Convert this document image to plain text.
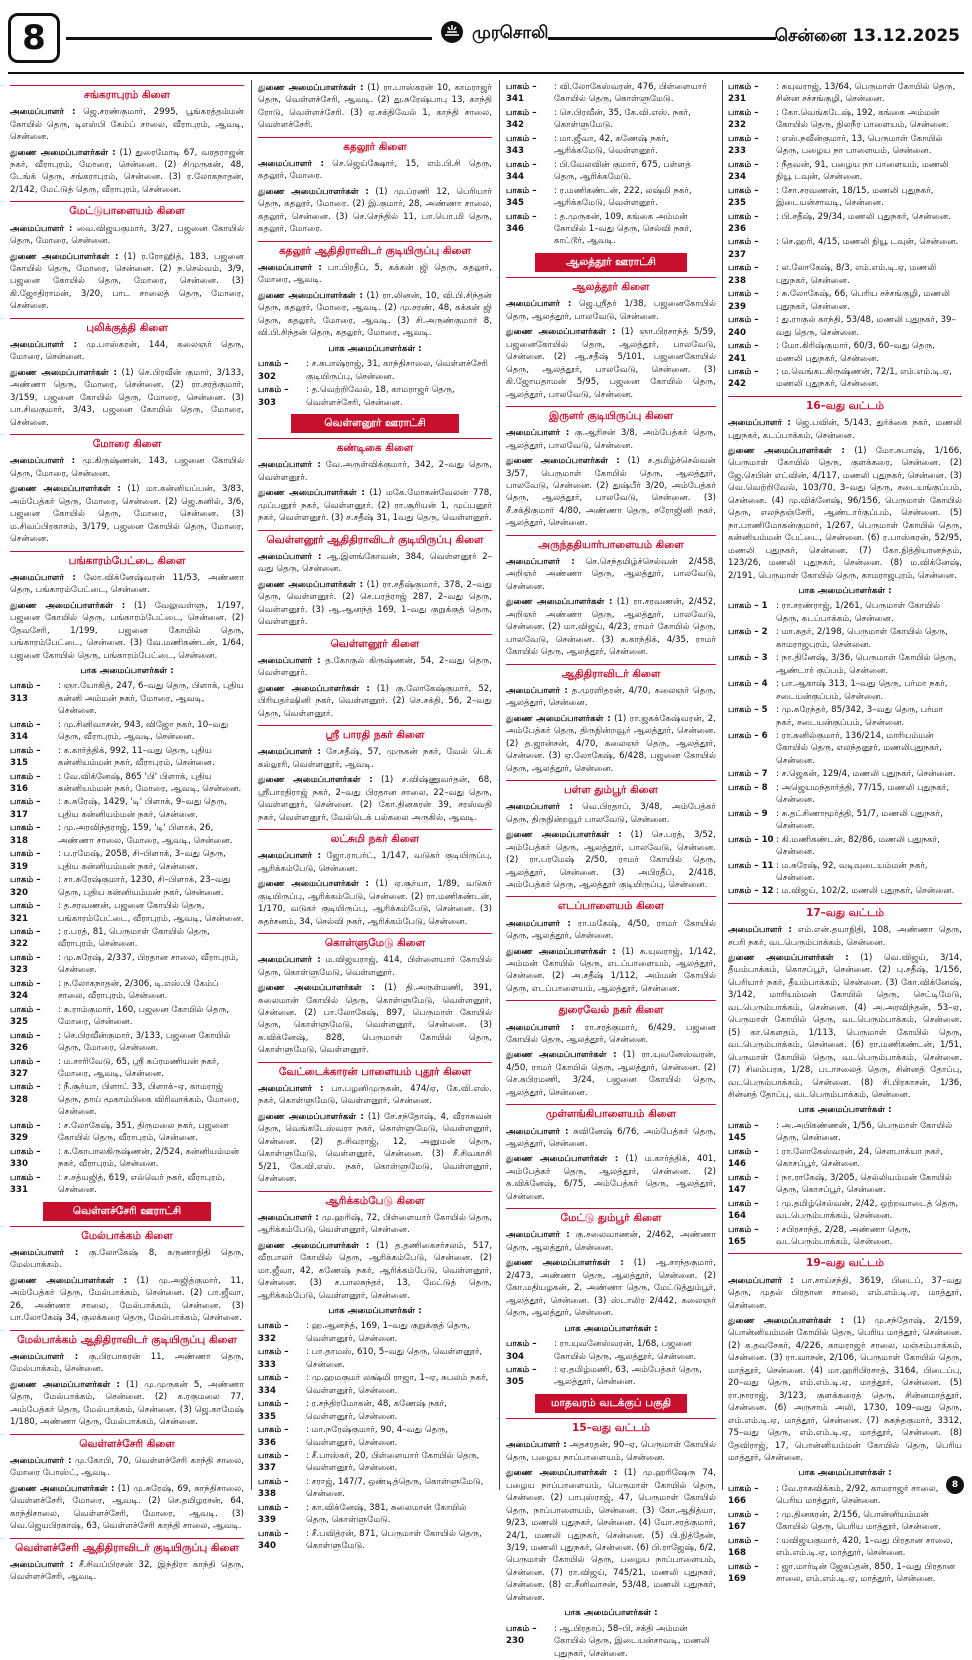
8	முரசொலி	சென்னை 13.12.2025
சங்கராபுரம் கிளை
அமைப்பாளர் : ஜெ.சரண்குமார், 2995, பூங்கரத்தம்மன் கோயில் தெரு, டிஎஸ்பி கேம்ப் சாலை, வீராபுரம், ஆவடி, சென்னை.
துணை அமைப்பாளர்கள் : (1) துரைமோடி 67, வரதராஜன் நகர், வீராபுரம், மோரை, சென்னை. (2) சிமுருகன், 48, டேங்க் தெரு, சங்கராபுரம், சென்னை. (3) ர.லோகநாதன், 2/142, மேட்டுத் தெரு, வீராபுரம், சென்னை.
மேட்டுபாளையம் கிளை
அமைப்பாளர் : வை.விஜயகுமார், 3/27, பஜனை கோயில் தெரு, மோரை, சென்னை.
துணை அமைப்பாளர்கள் : (1) ர.ரோஹித், 183, பஜனை கோயில் தெரு, மோரை, சென்னை. (2) ந.செல்வம், 3/9, பஜனை கோயில் தெரு, மோரை, சென்னை. (3) கி.ஜோதிராமன், 3/20, பாட சாலைத் தெரு, மோரை, சென்னை.
புலிக்குத்தி கிளை
அமைப்பாளர் : மு.பாஸ்கரன், 144, கலைஞர் தெரு, மோரை, சென்னை.
துணை அமைப்பாளர்கள் : (1) செ.பிரவீன் குமார், 3/133, அண்ணா தெரு, மோரை, சென்னை. (2) ரா.சரத்குமார், 3/159, பஜனை கோயில் தெரு, மோரை, சென்னை. (3) பா.சிவகுமார், 3/43, பஜனை கோயில் தெரு, மோரை, சென்னை.
மோரை கிளை
அமைப்பாளர் : மு.கிருஷ்ணன், 143, பஜனை கோயில் தெரு, மோரை, சென்னை.
துணை அமைப்பாளர்கள் : (1) மா.கன்னியப்பன், 3/83, அம்பேத்கர் தெரு, மோரை, சென்னை. (2) ஜெ.சுனில், 3/6, பஜனை கோயில் தெரு, மோரை, சென்னை. (3) ம.சிவப்பிரகாசம், 3/179, பஜனை கோயில் தெரு, மோரை, சென்னை.
பங்காரம்பேட்டை கிளை
அமைப்பாளர் : லோ.விக்னேஷ்வரன் 11/53, அண்ணா தெரு, பங்காரம்பேட்டை, சென்னை.
துணை அமைப்பாளர்கள் : (1) வேலுவள்ளு, 1/197, பஜனை கோயில் தெரு, பங்காரம்பேட்டை, சென்னை. (2) தேவசேரி, 1/199, பஜனை கோயில் தெரு, பங்காரம்பேட்டை, சென்னை. (3) வே.மணிகண்டன், 1/64, பஜனை கோயில் தெரு, பங்காரம்பேட்டை, சென்னை.
பாக அமைப்பாளர்கள் :
பாகம் – 313
: ஞா.யோகித், 247, 6–வது தெரு, பிளாக், புதிய கன்னி அம்மன் நகர், மோரை, ஆவடி, சென்னை.
பாகம் – 314
: மு.சினிவாசன், 943, விஜோ நகர், 10–வது தெரு, வீராபுரம், ஆவடி, சென்னை.
பாகம் – 315
: க.கார்த்திக், 992, 11–வது தெரு, புதிய கன்னியம்மன் நகர், வீராபுரம், சென்னை.
பாகம் – 316
: வே.விக்னேஷ், 865 'பி' பிளாக், புதிய கன்னியம்மன் நகர், மோரை, ஆவடி, சென்னை.
பாகம் – 317
: சு.சுரேஷ், 1429, 'டி' பிளாக், 9–வது தெரு, புதிய கன்னியம்மன் நகர், சென்னை.
பாகம் – 318
: மு.அரவிந்தராஜ், 159, 'டி' பிளாக், 26, அண்ணா சாலை, மோரை, ஆவடி, சென்னை.
பாகம் – 319
: ப.ரமேஷ், 2058, சி–பிளாக், 3–வது தெரு, புதிய கன்னியம்மன் நகர், சென்னை.
பாகம் – 320
: சா.சுரேஷ்குமார், 1230, சி–பிளாக், 23–வது தெரு, புதிய கன்னியம்மன் நகர், சென்னை.
பாகம் – 321
: த.சரவணன், பஜனை கோயில் தெரு, பங்காரம்பேட்டை, வீராபுரம், ஆவடி, சென்னை.
பாகம் – 322
: ர.பரத், 81, பெருமாள் கோயில் தெரு, வீராபுரம், சென்னை.
பாகம் – 323
: மு.சுரேஷ், 2/337, பிரதான சாலை, வீராபுரம், சென்னை.
பாகம் – 324
: ந.லோகநாதன், 2/306, டி.எஸ்.பி கேம்ப் சாலை, வீராபுரம், சென்னை.
பாகம் – 325
: சு.ராம்குமார், 160, பஜனை கோயில் தெரு, மோரை, சென்னை.
பாகம் – 326
: செ.பிரவீன்குமார், 3/133, பஜனை கோயில் தெரு, மோரை, சென்னை.
பாகம் – 327
: ம.சாரிவேடு, 65, ஸ்ரீ சுப்ரமணியன் நகர், மோரை, ஆவடி, சென்னை.
பாகம் – 328
: நீ.சூர்யா, பிளாட் 33, பிளாக்–ஏ, காமராஜ் தெரு, தாய் மூகாம்பிகை விரிவாக்கம், மோரை, சென்னை.
பாகம் – 329
: ச.லோகேஷ், 351, திருமலை நகர், பஜனை கோயில் தெரு, வீராபுரம், சென்னை.
பாகம் – 330
: க.கோபாலகிருஷ்ணன், 2/524, கன்னியம்மன் நகர், வீராபுரம், சென்னை.
பாகம் – 331
: ச.சத்யஜித், 619, எல்வெர் நகர், வீராபுரம், சென்னை.
வெள்ளச்சேரி ஊராட்சி
மேல்பாக்கம் கிளை
அமைப்பாளர் : கு.லோகேஷ் 8, கருணாநிதி தெரு, மேல்பாக்கம்.
துணை அமைப்பாளர்கள் : (1) மு.அஜித்குமார், 11, அம்பேத்கர் தெரு, மேல்பாக்கம், சென்னை. (2) பா.ஜீவா, 26, அண்ணா சாலை, மேல்பாக்கம், சென்னை. (3) பா.லோகேஷ் 34, குலக்கரை தெரு, மேல்பாக்கம், சென்னை.
மேல்பாக்கம் ஆதிதிராவிடர் குடியிருப்பு கிளை
அமைப்பாளர் : கு.பிரபாகரன் 11, அண்ணா தெரு, மேல்பாக்கம், சென்னை.
துணை அமைப்பாளர்கள் : (1) மு.முருகன் 5, அண்ணா தெரு, மேல்பாக்கம், சென்னை. (2) க.ரகுமலை 77, அம்பேத்கர் தெரு, மேல்பாக்கம், சென்னை. (3) ஜெ.காமேஷ் 1/180, அண்ணா தெரு, மேல்பாக்கம், சென்னை.
வெள்ளச்சேரி கிளை
அமைப்பாளர் : மு.கோபி, 70, வெள்ளச்சேரி காந்தி சாலை, மோரை போஸ்ட், ஆவடி.
துணை அமைப்பாளர்கள் : (1) மு.சுரேஷ், 69, காந்திசாலை, வெள்ளச்சேரி, மோரை, ஆவடி. (2) செ.தமிழரசன், 64, காந்திசாலை, வெள்ளச்சேரி, மோரை, ஆவடி. (3) வெ.ஜெயபிரகாஷ், 63, வெள்ளச்சேரி காந்தி சாலை, ஆவடி.
வெள்ளச்சேரி ஆதிதிராவிடர் குடியிருப்பு கிளை
அமைப்பாளர் : சீ.சிவப்பிரசன் 32, இந்திரா காந்தி தெரு, வெள்ளச்சேரி, ஆவடி.
துணை அமைப்பாளர்கள் : (1) ரா.பாஸ்கரன் 10, காமராஜர் தெரு, வெள்ளச்சேரி, ஆவடி. (2) து.சுரேஷ்பாபு 13, காந்தி ரோடு, வெள்ளச்சேரி. (3) ஏ.சக்திவேல் 1, காந்தி சாலை, வெள்ளச்சேரி.
கதலூர் கிளை
அமைப்பாளர் : செ.ஜெய்க்ஷோர், 15, எம்.பி.சி தெரு, கதலூர், மோரை.
துணை அமைப்பாளர்கள் : (1) மு.ப்ரணி 12, பெரியார் தெரு, கதலூர், மோரை. (2) இ.குமார், 28, அண்ணா சாலை, கதலூர், சென்னை. (3) செ.செந்தில் 11, பா.பொ.மி தெரு, கதலூர், மோரை.
கதலூர் ஆதிதிராவிடர் குடியிருப்பு கிளை
அமைப்பாளர் : பா.பிரதீப், 5, கக்கன் ஜி தெரு, கதலூர், மோரை, ஆவடி.
துணை அமைப்பாளர்கள் : (1) ரா.லினன், 10, வி.பி.சிந்தன் தெரு, கதலூர், மோரை, ஆவடி. (2) மு.சரண், 48, கக்கன் ஜி தெரு, கதலூர், மோரை, ஆவடி. (3) சி.அருண்குமார் 8, வி.பி.சிந்தன் தெரு, கதலூர், மோரை, ஆவடி.
பாக அமைப்பாளர்கள் :
பாகம் – 302
: ச.சுபாஷ்ராஜ், 31, காந்திசாலை, வெள்ளச்சேரி குடியிருப்பு, சென்னை.
பாகம் – 303
: த.வெற்றிவேல், 18, காமராஜர் தெரு, வெள்ளச்சேரி, சென்னை.
வெள்ளனூர் ஊராட்சி
கண்டிகை கிளை
அமைப்பாளர் : வே.அருள்விக்குமார், 342, 2–வது தெரு, வெள்ளனூர்.
துணை அமைப்பாளர்கள் : (1) மகே.மோகன்வேலன் 778, முப்பனூர் நகர், வெள்ளனூர். (2) ரா.சூரியன் 1, முப்பனூர் நகர், வெள்ளனூர். (3) ச.சதீஷ் 31, 1வது தெரு, வெள்ளனூர்.
வெள்ளனூர் ஆதிதிராவிடர் குடியிருப்பு கிளை
அமைப்பாளர் : ஆ.இளங்கோவன், 384, வெள்ளனூர் 2–வது தெரு, சென்னை.
துணை அமைப்பாளர்கள் : (1) ரா.சதீஷ்குமார், 378, 2–வது தெரு, வெள்ளனூர். (2) செ.பரத்ராஜ் 287, 2–வது தெரு, வெள்ளனூர். (3) ஆ.ஆனந்த் 169, 1–வது குறுக்குத் தெரு, வெள்ளனூர்.
வெள்ளனூர் கிளை
அமைப்பாளர் : த.கோகுல் கிருஷ்ணன், 54, 2–வது தெரு, வெள்ளனூர்.
துணை அமைப்பாளர்கள் : (1) கு.லோகேஷ்குமார், 52, பிரியதர்ஷினி நகர், வெள்ளனூர். (2) செ.சக்தி, 56, 2–வது தெரு, வெள்ளனூர்.
ஸ்ரீ பாரதி நகர் கிளை
அமைப்பாளர் : சே.சதீஷ், 57, முருகன் நகர், வேல் டெக் கல்லூரி, வெள்ளனூர், ஆவடி.
துணை அமைப்பாளர்கள் : (1) ச.விஷ்ணுவர்தன், 68, ஸ்ரீபாரதிராஜ் நகர், 2–வது பிரதான சாலை, 22–வது தெரு, வெள்ளனூர், சென்னை. (2) கோ.தினகரன் 39, சரஸ்வதி நகர், வெள்ளனூர், வேல்டெக் பல்கலை அருகில், ஆவடி.
லட்சுமி நகர் கிளை
அமைப்பாளர் : ஜோ.ராபர்ட், 1/147, வடுகர் குடியிருப்பு, ஆரிக்கம்பேடு, சென்னை.
துணை அமைப்பாளர்கள் : (1) ஏ.சூர்யா, 1/89, வடுகர் குடியிருப்பு, ஆரிக்கம்பேடு, சென்னை. (2) ரா.மணிகண்டன், 1/170, வடுகர் குடியிருப்பு, ஆரிக்கம்பேடு, சென்னை. (3) சுதர்சனம், 34, செல்வி நகர், ஆரிக்கம்பேடு, சென்னை.
கொள்ளுமேடு கிளை
அமைப்பாளர் : ம.விஜயராஜ், 414, பிள்ளையார் கோயில் தெரு, கொள்ளுமேடு, வெள்ளனூர்.
துணை அமைப்பாளர்கள் : (1) தி.அருள்மணி, 391, சுலைமான் கோயில் தெரு, கொள்ளுமேடு, வெள்ளனூர், சென்னை. (2) பா.லோகேஷ், 897, பெருமாள் கோயில் தெரு, கொள்ளுமேடு, வெள்ளனூர், சென்னை. (3) சு.விக்னேஷ், 828, பெருமாள் கோயில் தெரு, கொள்ளுமேடு, வெள்ளனூர்.
வேட்டைக்காரன் பாளையம் புதூர் கிளை
அமைப்பாளர் : பா.பழனிமுருகன், 474/ஏ, கே.வி.எஸ். நகர், கொள்ளுமேடு, வெள்ளனூர், சென்னை.
துணை அமைப்பாளர்கள் : (1) சே.சந்தோஷ், 4, வீராசுவன் தெரு, வெங்கடேஸ்வரா நகர், கொள்ளுமேடு, வெள்ளனூர், சென்னை. (2) த.சிவராஜ், 12, அனுமன் தெரு, கொள்ளுமேடு, வெள்ளனூர், சென்னை. (3) சீ.சிவகாசி 5/21, கே.வி.எஸ். நகர், கொள்ளுமேடு, வெள்ளனூர், சென்னை.
ஆரிக்கம்பேடு கிளை
அமைப்பாளர் : மு.ஹரிஷ், 72, பிள்ளையார் கோயில் தெரு, ஆரிக்கம்பேடு, வெள்ளனூர், சென்னை.
துணை அமைப்பாளர்கள் : (1) த.தணிகைசர்சலம், 517, வீரபாலர் கோயில் தெரு, ஆரிக்கம்பேடு, சென்னை. (2) மா.ஜீவா, 42, கணேஷ் நகர், ஆரிக்கம்பேடு, வெள்ளனூர், சென்னை. (3) ச.பாலசுந்தர், 13, மேட்டுத் தெரு, ஆரிக்கம்பேடு, வெள்ளனூர், சென்னை.
பாக அமைப்பாளர்கள் :
பாகம் – 332
: ஹ.ஆனந்த், 169, 1–வது குறுக்குத் தெரு, வெள்ளனூர், சென்னை.
பாகம் – 333
: பா.தாமஸ், 610, 5–வது தெரு, வெள்ளனூர், சென்னை.
பாகம் – 334
: மு.ஹமகுமர் லக்ஷ்மி ராஜா, 1–ஏ, சுபலம் நகர், வெள்ளனூர், சென்னை.
பாகம் – 335
: ர.சந்திரமோகன், 48, கணேஷ் நகர், வெள்ளனூர், சென்னை.
பாகம் – 336
: மா.நரேஷ்குமார், 90, 4–வது தெரு, வெள்ளனூர், சென்னை.
பாகம் – 337
: சீ.பாஸ்கர், 20, பிள்ளையார் கோயில் தெரு, வெள்ளனூர், சென்னை.
பாகம் – 338
: சராஜ், 147/7, ஒண்டித்தெரு, கொள்ளுமேடு, சென்னை.
பாகம் – 339
: கா.விக்னேஷ், 381, சுலைமான் கோயில் தெரு, கொள்ளுமேடு.
பாகம் – 340
: சீ.பவித்ரன், 871, பெருமாள் கோயில் தெரு, கொள்ளுமேடு.
பாகம் – 341
: வி.லோகேஸ்வரன், 476, பிள்ளையார் கோயில் தெரு, கொள்ளுமேடு.
பாகம் – 342
: செ.பிரவீன், 35, கே.வி.எஸ். நகர், கொள்ளுமேடு.
பாகம் – 343
: மா.ஜீவா, 42, கணேஷ் நகர், ஆரிக்கமேடு, வெள்ளனூர்.
பாகம் – 344
: பி.வேலவின் குமார், 675, பள்ளத் தெரு, ஆரிக்கமேடு.
பாகம் – 345
: ர.மணிகண்டன், 222, லஷ்மி நகர், ஆரிக்கமேடு, வெள்ளனூர்.
பாகம் – 346
: த.முருகன், 109, கங்கை அம்மன் கோயில் 1–வது தெரு, செல்வி நகர், காட்டூர், ஆவடி.
ஆலத்தூர் ஊராட்சி
ஆலத்தூர் கிளை
அமைப்பாளர் : ஜெ.ஸ்ரீதர் 1/38, பஜனைகோயில் தெரு, ஆலத்தூர், பாலவேடு, சென்னை.
துணை அமைப்பாளர்கள் : (1) ஞா.பிரசாந்த் 5/59, பஜனைகோயில் தெரு, ஆலத்தூர், பாலவேடு, சென்னை. (2) ஆ.சதீஷ் 5/101, பஜனைகோயில் தெரு, ஆலத்தூர், பாலவேடு, சென்னை. (3) கி.ஜோயதாமன் 5/95, பஜனை கோயில் தெரு, ஆலத்தூர், பாலவேடு, சென்னை.
இருளர் குடியிருப்பு கிளை
அமைப்பாளர் : கு.ஆரிசன் 3/8, அம்பேத்கர் தெரு, ஆலத்தூர், பாலவேடு, சென்னை.
துணை அமைப்பாளர்கள் : (1) ச.தமிழ்ச்செல்வன் 3/57, பெருமாள் கோயில் தெரு, ஆலத்தூர், பாலவேடு, சென்னை. (2) துஷ்பீர் 3/20, அம்பேத்கர் தெரு, ஆலத்தூர், பாலவேடு, சென்னை. (3) சீ.சக்திகுமார் 4/80, அண்ணா தெரு, சரோஜினி நகர், ஆலத்தூர், சென்னை.
அருந்ததியார்பாளையம் கிளை
அமைப்பாளர் : செ.செந்தமிழ்ச்செல்வன் 2/458, அறிஞர் அண்ணா தெரு, ஆலத்தூர், பாலவேடு, சென்னை.
துணை அமைப்பாளர்கள் : (1) ரா.சரவணன், 2/452, அறிஞர் அண்ணா தெரு, ஆலத்தூர், பாலவேடு, சென்னை. (2) மா.விஜய், 4/23, ராமர் கோயில் தெரு, பாலவேடு, சென்னை. (3) சு.காந்திக், 4/35, ராமர் கோயில் தெரு, ஆலத்தூர், சென்னை.
ஆதிதிராவிடர் கிளை
அமைப்பாளர் : த.முரளிதரன், 4/70, கலைஞர் தெரு, ஆலத்தூர், சென்னை.
துணை அமைப்பாளர்கள் : (1) ரா.ஜகக்கேஷ்வரன், 2, அம்பேத்கர் தெரு, திருநின்றவூர் ஆலத்தூர், சென்னை. (2) த.ஜான்சன், 4/70, கலைஞர் தெரு, ஆலத்தூர், சென்னை. (3) ஏ.லோகேஷ், 6/428, பஜனை கோயில் தெரு, ஆலத்தூர், சென்னை.
பள்ள தும்பூர் கிளை
அமைப்பாளர் : வெ.பிரதாப், 3/48, அம்பேத்கர் தெரு, திருநின்றவூர் பாலவேடு, சென்னை.
துணை அமைப்பாளர்கள் : (1) செ.பரத், 3/52, அம்பேத்கர் தெரு, ஆலத்தூர், பாலவேடு, சென்னை. (2) ரா.பரமேஷ் 2/50, ராமர் கோயில் தெரு, ஆலத்தூர், சென்னை. (3) அபிரதீப், 2/418, அம்பேத்கர் தெரு, ஆலத்தூர் குடியிருப்பு, சென்னை.
எடப்பாளையம் கிளை
அமைப்பாளர் : ரா.மகேஷ், 4/50, ராமர் கோயில் தெரு, ஆலத்தூர், சென்னை.
துணை அமைப்பாளர்கள் : (1) சு.யுவராஜ், 1/142, அம்மன் கோயில் தெரு, எடப்பாளையம், ஆலத்தூர், சென்னை. (2) அ.சதீஷ் 1/112, அம்மன் கோயில் தெரு, எடப்பாளையம், ஆலத்தூர், சென்னை.
துரைவேல் நகர் கிளை
அமைப்பாளர் : ரா.சரத்குமார், 6/429, பஜனை கோயில் தெரு, ஆலத்தூர், சென்னை.
துணை அமைப்பாளர்கள் : (1) ரா.யுவனேஸ்வரன், 4/50, ராமர் கோயில் தெரு, ஆலத்தூர், சென்னை. (2) செ.சுபிரமணி, 3/24, பஜனை கோயில் தெரு, ஆலத்தூர், சென்னை.
முள்ளங்கிபாளையம் கிளை
அமைப்பாளர் : சுவினேஷ் 6/76, அம்பேத்கர் தெரு, ஆலத்தூர், சென்னை.
துணை அமைப்பாளர்கள் : (1) ம.கார்த்திக், 401, அம்பேத்கர் தெரு, ஆலத்தூர், சென்னை. (2) சு.விக்னேஷ், 6/75, அம்பேத்கர் தெரு, ஆலத்தூர், சென்னை.
மேட்டு தும்பூர் கிளை
அமைப்பாளர் : கு.சலைவாணன், 2/462, அண்ணா தெரு, ஆலத்தூர், சென்னை.
துணை அமைப்பாளர்கள் : (1) ஆ.சாந்தகுமார், 2/473, அண்ணா தெரு, ஆலத்தூர், சென்னை. (2) கோ.மதியழகன், 2, அண்ணா தெரு, மேட்டுத்தும்பூர், ஆலத்தூர், சென்னை. (3) ஸ்டாலிர 2/442, கலைஞர் தெரு, ஆலத்தூர், சென்னை.
பாக அமைப்பாளர்கள் :
பாகம் – 304
: ரா.யுவனேஸ்வரன், 1/68, பஜனை கோயில் தெரு, ஆலத்தூர், சென்னை.
பாகம் – 305
: ஏ.தமிழ்மணி, 63, அம்பேத்கர் தெரு, ஆலத்தூர், சென்னை.
மாதவரம் வடக்குப் பகுதி
15–வது வட்டம்
அமைப்பாளர் : அதசரதன், 90–ஏ, பெருமாள் கோயில் தெரு, பழைய நாப்பாளையம், சென்னை.
துணை அமைப்பாளர்கள் : (1) மு.ஹரிஷேரு 74, பழைய நாப்பாளையம், பெருமாள் கோயில் தெரு, சென்னை. (2) பாபுஸ்ராஜ், 47, பெருமாள் கோயில் தெரு, நாப்பாளையம், சென்னை. (3) கோ.ஆதித்யா, 9/23, மணலி புதுநகர், சென்னை. (4) யோ.சரத்குமார், 24/1, மணலி புதுநகர், சென்னை. (5) பி.நித்தேன், 3/19, மணலி புதுநகர், சென்னை. (6) பி.ராஜேஷ், 6/2, பெருமாள் கோயில் தெரு, பழைய நாப்பாளையம், சென்னை. (7) ரா.விஜய், 745/21, மணலி புதுநகர், சென்னை. (8) எ.சீனிவாசன், 53/48, மணலி புதுநகர், சென்னை.
பாக அமைப்பாளர்கள் :
பாகம் – 230
: ஆ.பிரதாப், 58–பி, சக்தி அம்மன் கோயில் தெரு, இடையன்சாவடி, மணலி புதுநகர், சென்னை.
பாகம் – 231
: சுயுவராஜ், 13/64, பெருமாள் கோயில் தெரு, சின்ன சச்சங்குழி, சென்னை.
பாகம் – 232
: கோ.வெங்கடேஷ், 192, கங்கை அம்மன் கோயில் தெரு, நிலநீர பாளையம், சென்னை.
பாகம் – 233
: எஸ்.நவீன்குமார், 13, பெருமாள் கோயில் தெரு, பழைய நா பாளையம், சென்னை.
பாகம் – 234
: நீதவன், 91, பழைய நா பாளையம், மணலி நியூ டவுன், சென்னை.
பாகம் – 235
: சோ.சரவணன், 18/15, மணலி புதுநகர், இடையன்சாவடி, சென்னை.
பாகம் – 236
: பி.சதீஷ், 29/34, மணலி புதுநகர், சென்னை.
பாகம் – 237
: செ.ஹரி, 4/15, மணலி நியூ டவுன், சென்னை.
பாகம் – 238
: ல.லோகேஷ், 8/3, எம்.எம்.டி.ஏ, மணலி புதுநகர், சென்னை.
பாகம் – 239
: சு.லோகேஷ், 66, பெரிய சச்சங்குழி, மணலி புதுநகர், சென்னை.
பாகம் – 240
: து.ராகுல் காந்தி, 53/48, மணலி புதுநகர், 39–வது தெரு, சென்னை.
பாகம் – 241
: மோ.கிரிஷ்குமார், 60/3, 60–வது தெரு, மணலி புதுநகர், சென்னை.
பாகம் – 242
: ம.வெங்கடகிருஷ்ணன், 72/1, எம்.எம்.டி.ஏ, மணலி புதுநகர், சென்னை.
16–வது வட்டம்
அமைப்பாளர் : ஜெ.பவின், 5/143, துர்க்கை நகர், மணலி புதுநகர், கடப்பாக்கம், சென்னை.
துணை அமைப்பாளர்கள் : (1) மோ.சுபாஷ், 1/166, பெருமாள் கோயில் தெரு, குளக்கரை, சென்னை. (2) ஜே.செபின் எட்வின், 4/117, மணலி புதுநகர், சென்னை. (3) வெ.வெற்றிவேல், 103/70, 3–வது தெரு, சடையங்குப்பம், சென்னை. (4) மு.விக்னேஷ், 96/156, பெருமாள் கோயில் தெரு, எலந்தஞ்சேரி, ஆண்டார்குப்பம், சென்னை. (5) நா.பாணிமோகன்குமார், 1/267, பெருமாள் கோயில் தெரு, கன்னியம்மன் பேட்டை, சென்னை. (6) ர.பாஸ்கரன், 52/95, மணலி புதுநகர், சென்னை. (7) கோ.நித்தியானந்தம், 123/26, மணலி புதுநகர், சென்னை. (8) ம.விக்னேஷ், 2/191, பெருமாள் கோயில் தெரு, காமராஜபுரம், சென்னை.
பாக அமைப்பாளர்கள் :
பாகம் – 1 : ரா.சரண்ராஜ், 1/261, பெருமாள் கோயில் தெரு, கடப்பாக்கம், சென்னை.
பாகம் – 2 : மா.சுதர், 2/198, பெருமாள் கோயில் தெரு, காமராஜபுரம், சென்னை.
பாகம் – 3 : நா.தினேஷ், 3/36, பெருமாள் கோயில் தெரு, ஆண்டார் குப்பம், சென்னை.
பாகம் – 4 : பா.ஆகாஷ் 313, 1–வது தெரு, பர்மா நகர், சடையன்குப்பம், சென்னை.
பாகம் – 5 : மு.சுரேந்தர், 85/342, 3–வது தெரு, பர்மா நகர், சடையன்குப்பம், சென்னை.
பாகம் – 6 : ரா.சுனில்குமார், 136/214, மாரியம்மன் கோயில் தெரு, எலந்தனூர், மணலிபுதுநகர், சென்னை.
பாகம் – 7 : ச.ஜெகன், 129/4, மணலி புதுநகர், சென்னை.
பாகம் – 8 : அஜெயமந்தார்த்தி, 77/15, மணலி புதுநகர், சென்னை.
பாகம் – 9 : சு.தட்சிணாமூர்த்தி, 51/7, மணலி புதுநகர், சென்னை.
பாகம் – 10 : கி.மணிகண்டன், 82/86, மணலி புதுநகர், சென்னை.
பாகம் – 11 : ம.சுரேஷ், 92, வடிவுடையம்மன் நகர், சென்னை.
பாகம் – 12 : ம.விஜய், 102/2, மணலி புதுநகர், சென்னை.
17–வது வட்டம்
அமைப்பாளர் : எம்.என்.தயாநிதி, 108, அண்ணா தெரு, சபரி நகர், வடபெரும்பாக்கம், சென்னை.
துணை அமைப்பாளர்கள் : (1) வெ.விஜய், 3/14, தீயம்பாக்கம், கொசப்பூர், சென்னை. (2) பு.சதீஷ், 1/156, பெரியார் நகர், தீயம்பாக்கம், சென்னை. (3) கோ.விக்னேஷ், 3/142, மாரியம்மன் கோயில் தெரு, செட்டிமேடு, வடபெரும்பாக்கம், சென்னை. (4) அ.அரவிந்தன், 53–ஏ, பெருமாள் கோயில் தெரு, வடபெரும்பாக்கம், சென்னை. (5) கா.கௌதம், 1/113, பெருமாள் கோயில் தெரு, வடபெரும்பாக்கம், சென்னை. (6) ரா.மணிகண்டன், 1/51, பெருமாள் கோயில் தெரு, வடபெரும்பாக்கம், சென்னை. (7) சிலம்பரசு, 1/28, படாசலைத் தெரு, சின்னத் தோப்பு, வடபெரும்பாக்கம், சென்னை. (8) சி.பிரகாசன், 1/36, சின்னத் தோப்பு, வடபெரும்பாக்கம், சென்னை.
பாக அமைப்பாளர்கள் :
பாகம் – 145
: அ.அபிகண்ணன், 1/56, பெருமாள் கோயில் தெரு, சென்னை.
பாகம் – 146
: ரா.லோகேஸ்வரன், 24, செளபாக்யா நகர், கொசப்பூர், சென்னை.
பாகம் – 147
: நா.ராகேஷ், 3/205, செல்லியம்மன் கோயில் தெரு, கொசப்பூர், சென்னை.
பாகம் – 164
: மு.தமிழ்செல்வன், 2/42, ஒற்றவாடைத் தெரு, வடபெரும்பாக்கம், சென்னை.
பாகம் – 165
: சபிரசாந்த், 2/28, அண்ணா தெரு, வடபெரும்பாக்கம், சென்னை.
19–வது வட்டம்
அமைப்பாளர் : பா.சாய்சந்தி, 3619, பிடைப், 37–வது தெரு, முதல் பிரதான சாலை, எம்.எம்.டி.ஏ, மாத்தூர், சென்னை.
துணை அமைப்பாளர்கள் : (1) மு.சந்தோஷ், 2/159, பொன்னியம்மன் கோயில் தெரு, பெரிய மாத்தூர், சென்னை. (2) க.தவசேகர், 4/226, காமராஜர் சாலை, மஞ்சம்பாக்கம், சென்னை. (3) ரா.வாசன், 2/106, பெருமாள் கோயில் தெரு, மாத்தூர், சென்னை. (4) மா.ஹரிபிரசாத், 3164, பிடைப்பு, 20–வது தெரு, எம்.எம்.டி.ஏ, மாத்தூர், சென்னை. (5) ரா.நாராஜ், 3/123, குளக்கரைத் தெரு, சின்னமாத்தூர், சென்னை. (6) அருசாம் அலி, 1730, 109–வது தெரு, எம்.எம்.டி.ஏ, மாத்தூர், சென்னை. (7) சுசுந்தகுமார், 3312, 75–வது தெரு, எம்.எம்.டி.ஏ, மாத்தூர், சென்னை. (8) தேவிராஜ், 17, பொன்னியம்மன் கோயில் தெரு, பெரிய மாத்தூர், சென்னை.
பாக அமைப்பாளர்கள் :
பாகம் – 166
: வே.ராகவிக்கம், 2/92, காமராஜர் சாலை, பெரிய மாத்தூர், சென்னை.
பாகம் – 167
: மு.தினகரன், 2/156, பொன்னியம்மன் கோயில் தெரு, பெரிய மாத்தூர், சென்னை.
பாகம் – 168
: யவிஜயகுமார், 420, 1–வது பிரதான சாலை, எம்.எம்.டி.ஏ, மாத்தூர், சென்னை.
பாகம் – 169
: ஜா.மார்டின் ஜேகப்தன், 850, 1–வது பிரதான சாலை, எம்.எம்.டி.ஏ, மாத்தூர், சென்னை.
8
